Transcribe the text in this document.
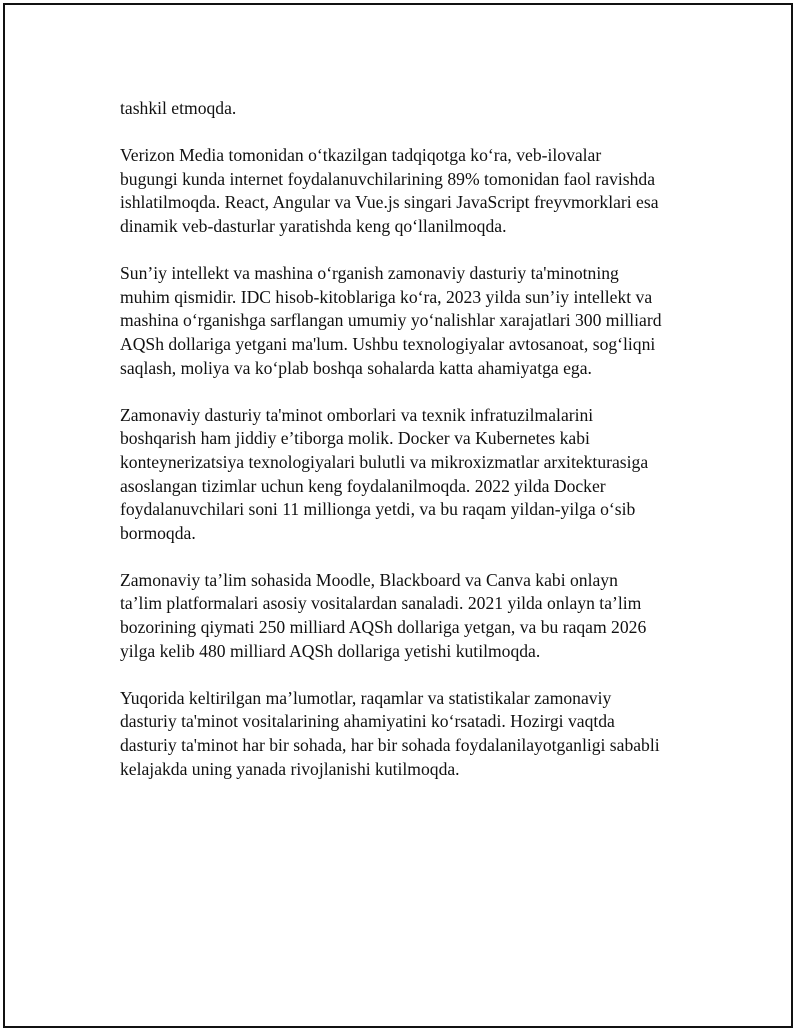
tashkil etmoqda.

Verizon Media tomonidan o‘tkazilgan tadqiqotga ko‘ra, veb-ilovalar
bugungi kunda internet foydalanuvchilarining 89% tomonidan faol ravishda
ishlatilmoqda. React, Angular va Vue.js singari JavaScript freyvmorklari esa
dinamik veb-dasturlar yaratishda keng qo‘llanilmoqda.

Sun’iy intellekt va mashina o‘rganish zamonaviy dasturiy ta'minotning
muhim qismidir. IDC hisob-kitoblariga ko‘ra, 2023 yilda sun’iy intellekt va
mashina o‘rganishga sarflangan umumiy yo‘nalishlar xarajatlari 300 milliard
AQSh dollariga yetgani ma'lum. Ushbu texnologiyalar avtosanoat, sog‘liqni
saqlash, moliya va ko‘plab boshqa sohalarda katta ahamiyatga ega.

Zamonaviy dasturiy ta'minot omborlari va texnik infratuzilmalarini
boshqarish ham jiddiy e’tiborga molik. Docker va Kubernetes kabi
konteynerizatsiya texnologiyalari bulutli va mikroxizmatlar arxitekturasiga
asoslangan tizimlar uchun keng foydalanilmoqda. 2022 yilda Docker
foydalanuvchilari soni 11 millionga yetdi, va bu raqam yildan-yilga o‘sib
bormoqda.

Zamonaviy ta’lim sohasida Moodle, Blackboard va Canva kabi onlayn
ta’lim platformalari asosiy vositalardan sanaladi. 2021 yilda onlayn ta’lim
bozorining qiymati 250 milliard AQSh dollariga yetgan, va bu raqam 2026
yilga kelib 480 milliard AQSh dollariga yetishi kutilmoqda.

Yuqorida keltirilgan ma’lumotlar, raqamlar va statistikalar zamonaviy
dasturiy ta'minot vositalarining ahamiyatini ko‘rsatadi. Hozirgi vaqtda
dasturiy ta'minot har bir sohada, har bir sohada foydalanilayotganligi sababli
kelajakda uning yanada rivojlanishi kutilmoqda.
